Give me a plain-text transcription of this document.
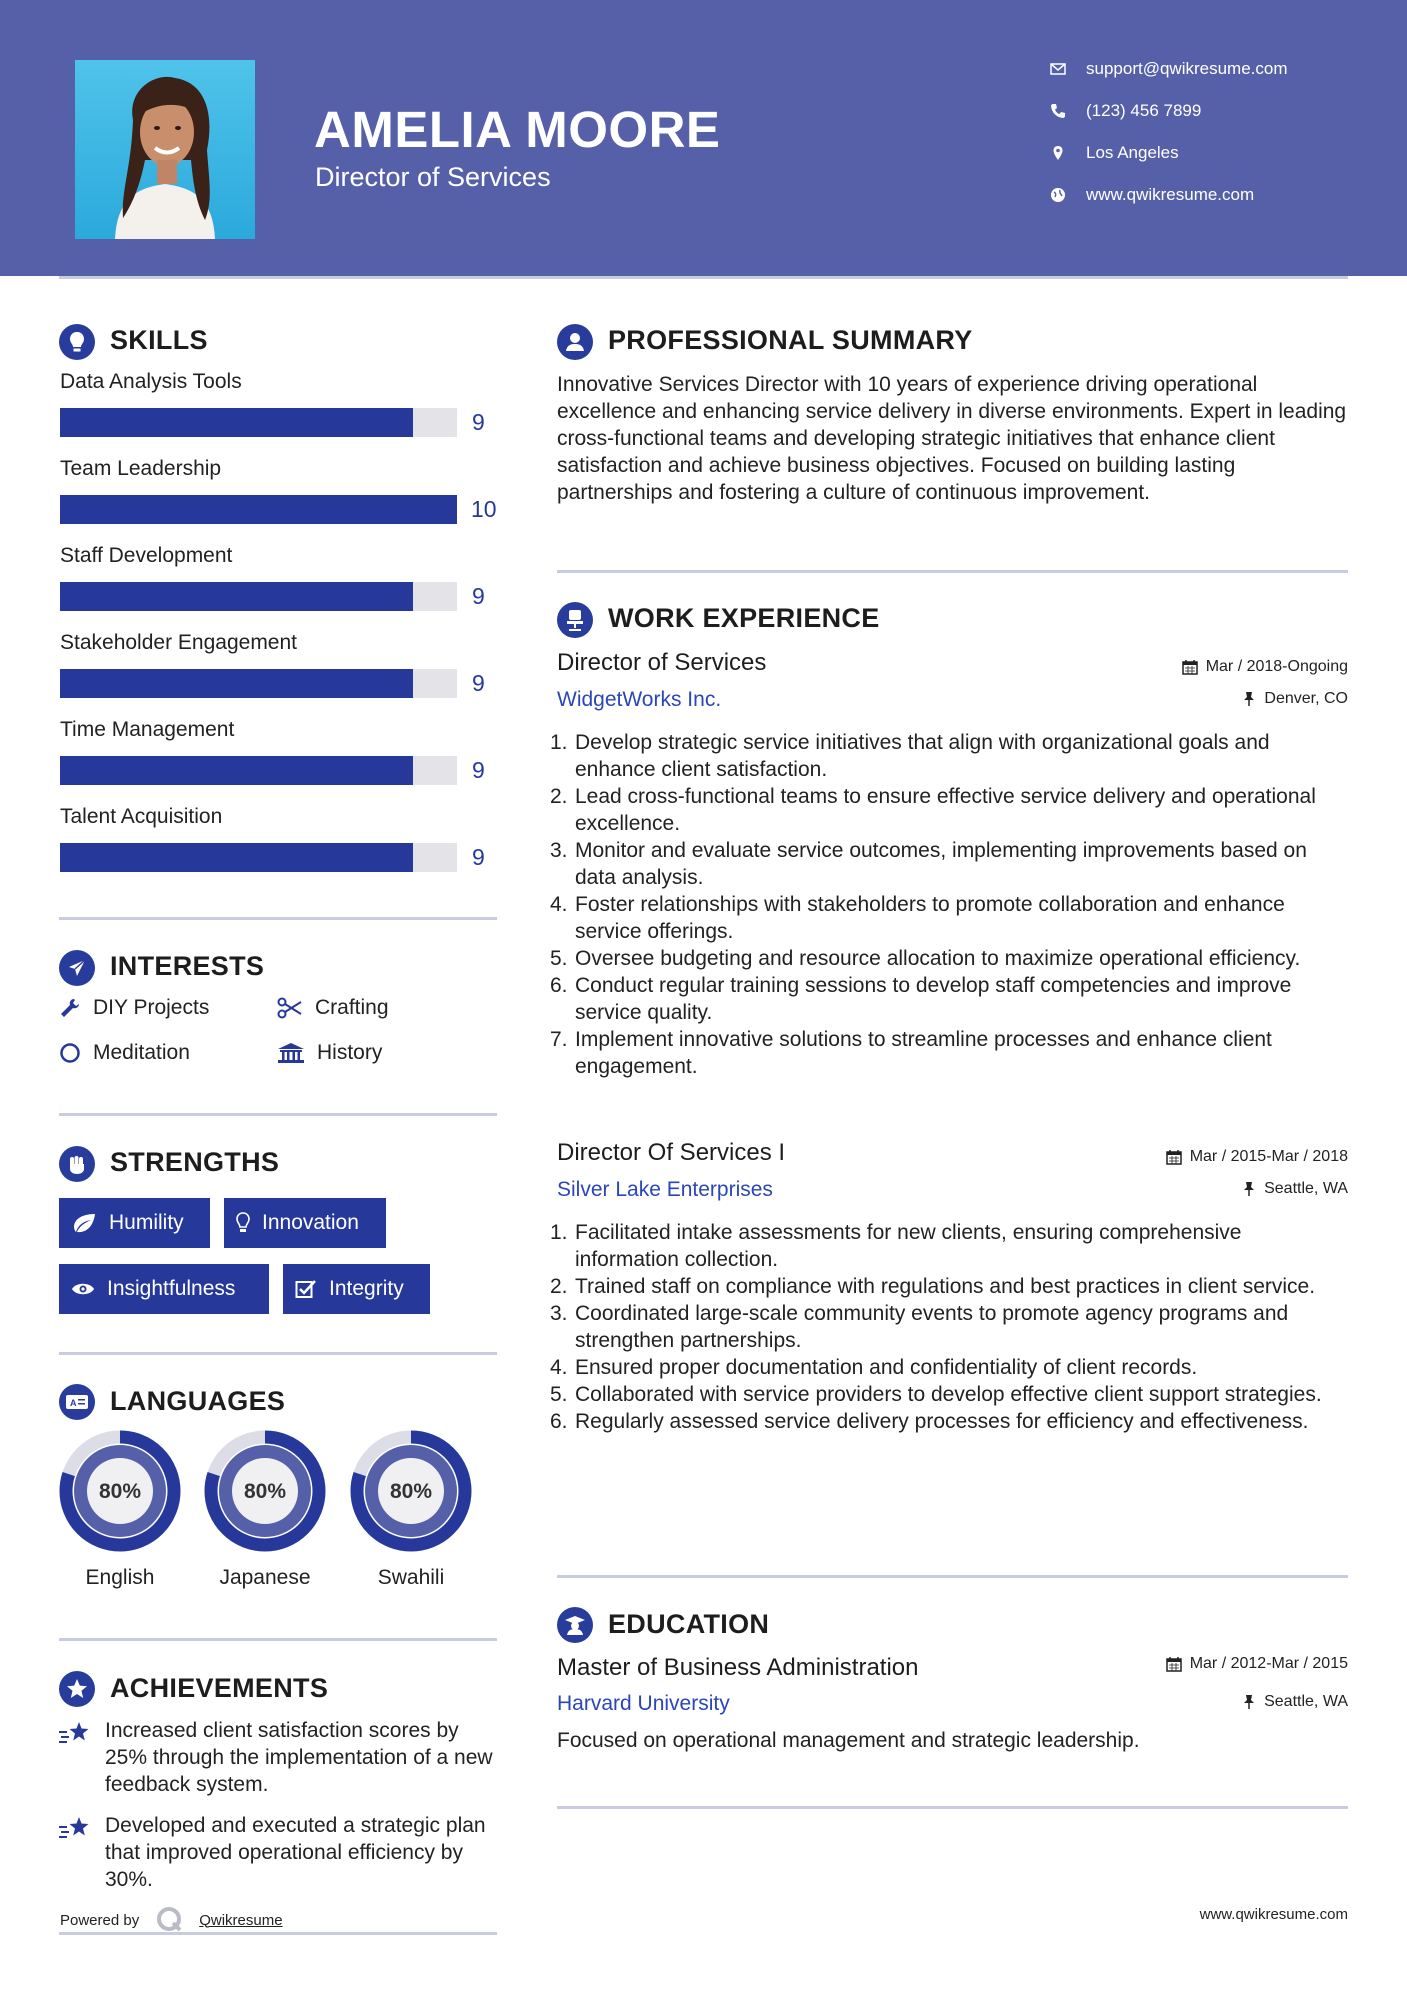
AMELIA MOORE
Director of Services
support@qwikresume.com
(123) 456 7899
Los Angeles
www.qwikresume.com
SKILLS
Data Analysis Tools
9
Team Leadership
10
Staff Development
9
Stakeholder Engagement
9
Time Management
9
Talent Acquisition
9
INTERESTS
DIY Projects	Crafting
Meditation	History
STRENGTHS
Humility	Innovation
Insightfulness	Integrity
A LANGUAGES
80%
English
80%
Japanese
80%
Swahili
ACHIEVEMENTS
Increased client satisfaction scores by 25% through the implementation of a new feedback system.
Developed and executed a strategic plan that improved operational efficiency by 30%.
Powered by	Qwikresume
PROFESSIONAL SUMMARY
Innovative Services Director with 10 years of experience driving operational excellence and enhancing service delivery in diverse environments. Expert in leading cross-functional teams and developing strategic initiatives that enhance client satisfaction and achieve business objectives. Focused on building lasting partnerships and fostering a culture of continuous improvement.
WORK EXPERIENCE
Director of Services	Mar / 2018-Ongoing
WidgetWorks Inc.	Denver, CO
1. Develop strategic service initiatives that align with organizational goals and enhance client satisfaction.
2. Lead cross-functional teams to ensure effective service delivery and operational excellence.
3. Monitor and evaluate service outcomes, implementing improvements based on data analysis.
4. Foster relationships with stakeholders to promote collaboration and enhance service offerings.
5. Oversee budgeting and resource allocation to maximize operational efficiency.
6. Conduct regular training sessions to develop staff competencies and improve service quality.
7. Implement innovative solutions to streamline processes and enhance client engagement.
Director Of Services I	Mar / 2015-Mar / 2018
Silver Lake Enterprises	Seattle, WA
1. Facilitated intake assessments for new clients, ensuring comprehensive information collection.
2. Trained staff on compliance with regulations and best practices in client service.
3. Coordinated large-scale community events to promote agency programs and strengthen partnerships.
4. Ensured proper documentation and confidentiality of client records.
5. Collaborated with service providers to develop effective client support strategies.
6. Regularly assessed service delivery processes for efficiency and effectiveness.
EDUCATION
Master of Business Administration	Mar / 2012-Mar / 2015
Harvard University	Seattle, WA
Focused on operational management and strategic leadership.
www.qwikresume.com
